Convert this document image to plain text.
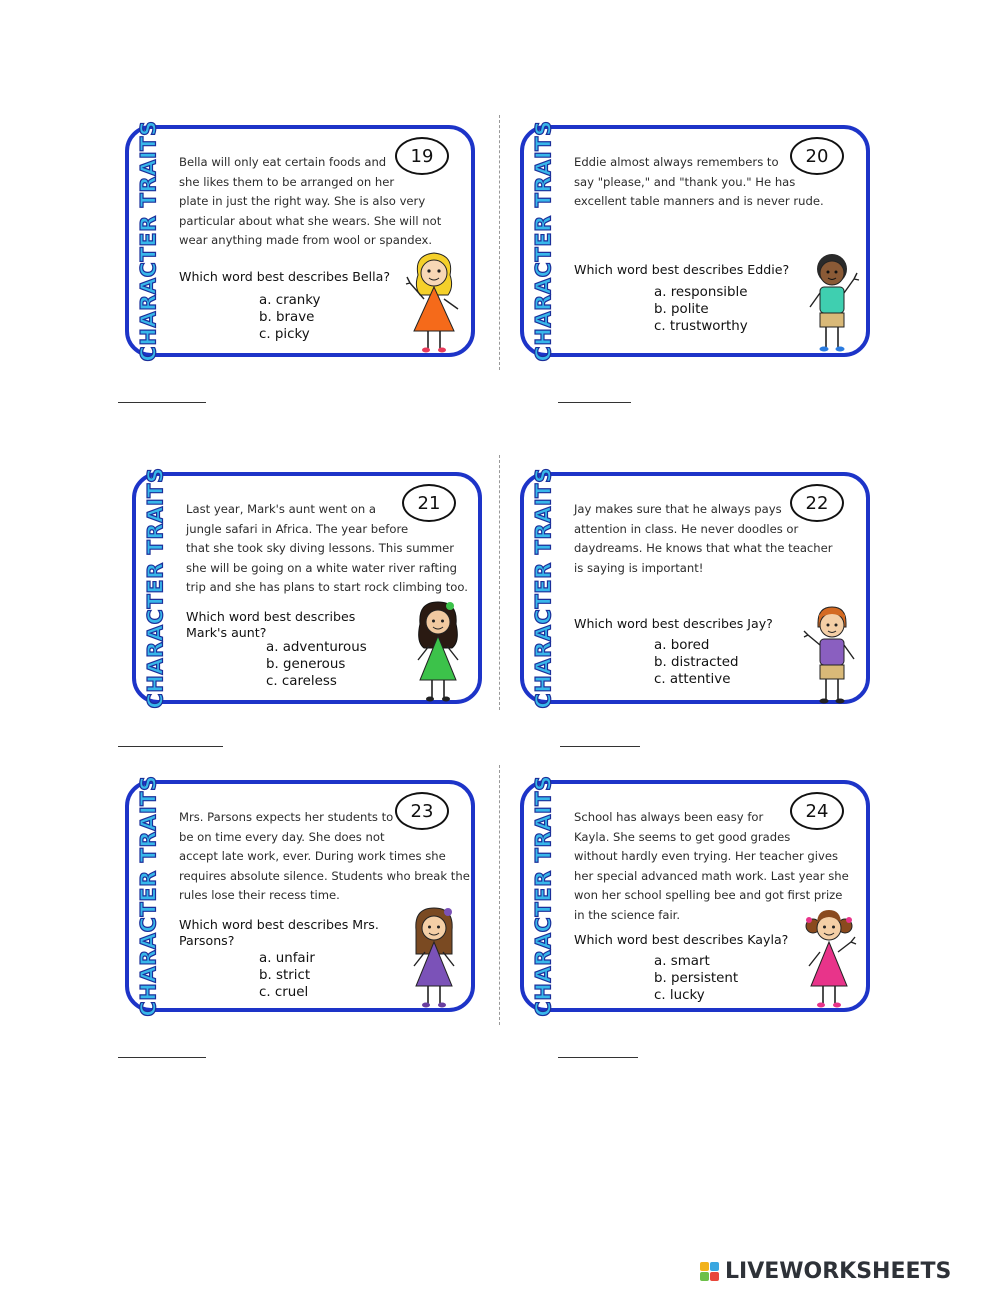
CHARACTER TRAITS	19

Bella will only eat certain foods and
she likes them to be arranged on her
plate in just the right way. She is also very
particular about what she wears. She will not
wear anything made from wool or spandex.

Which word best describes Bella?

a. cranky
b. brave
c. picky	CHARACTER TRAITS	20

Eddie almost always remembers to
say "please," and "thank you." He has
excellent table manners and is never rude.

Which word best describes Eddie?

a. responsible
b. polite
c. trustworthy
CHARACTER TRAITS	21

Last year, Mark's aunt went on a
jungle safari in Africa. The year before
that she took sky diving lessons. This summer
she will be going on a white water river rafting
trip and she has plans to start rock climbing too.

Which word best describes Mark's aunt?

a. adventurous
b. generous
c. careless	CHARACTER TRAITS	22

Jay makes sure that he always pays
attention in class. He never doodles or
daydreams. He knows that what the teacher
is saying is important!

Which word best describes Jay?

a. bored
b. distracted
c. attentive
CHARACTER TRAITS	23

Mrs. Parsons expects her students to
be on time every day. She does not
accept late work, ever. During work times she
requires absolute silence. Students who break the
rules lose their recess time.

Which word best describes Mrs. Parsons?

a. unfair
b. strict
c. cruel	CHARACTER TRAITS	24

School has always been easy for
Kayla. She seems to get good grades
without hardly even trying. Her teacher gives
her special advanced math work. Last year she
won her school spelling bee and got first prize
in the science fair.

Which word best describes Kayla?

a. smart
b. persistent
c. lucky
LIVEWORKSHEETS
